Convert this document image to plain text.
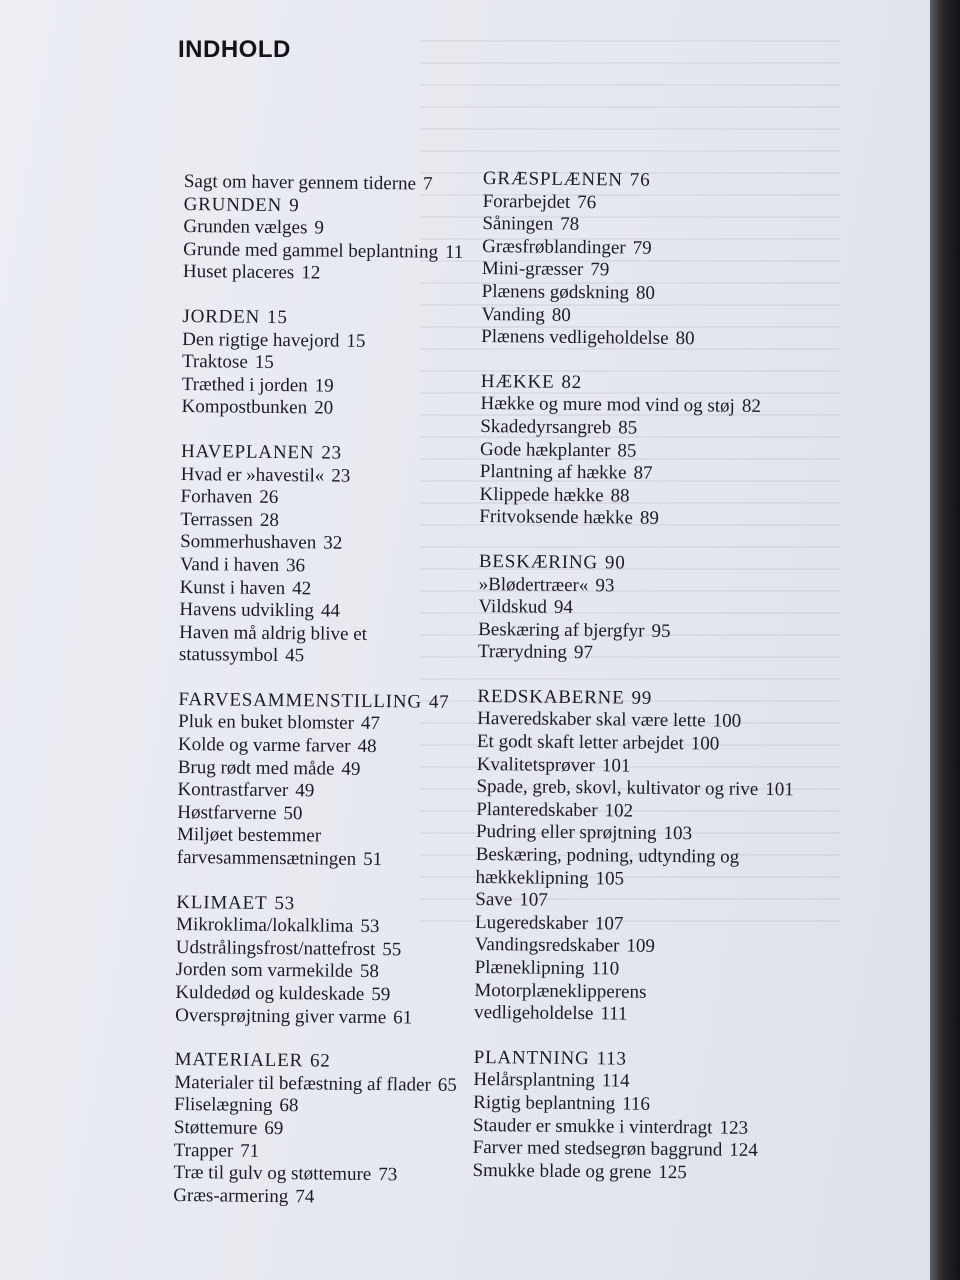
INDHOLD
Sagt om haver gennem tiderne 7
GRUNDEN 9
Grunden vælges 9
Grunde med gammel beplantning 11
Huset placeres 12
JORDEN 15
Den rigtige havejord 15
Traktose 15
Træthed i jorden 19
Kompostbunken 20
HAVEPLANEN 23
Hvad er »havestil« 23
Forhaven 26
Terrassen 28
Sommerhushaven 32
Vand i haven 36
Kunst i haven 42
Havens udvikling 44
Haven må aldrig blive et statussymbol 45
FARVESAMMENSTILLING 47
Pluk en buket blomster 47
Kolde og varme farver 48
Brug rødt med måde 49
Kontrastfarver 49
Høstfarverne 50
Miljøet bestemmer farvesammensætningen 51
KLIMAET 53
Mikroklima/lokalklima 53
Udstrålingsfrost/nattefrost 55
Jorden som varmekilde 58
Kuldedød og kuldeskade 59
Oversprøjtning giver varme 61
MATERIALER 62
Materialer til befæstning af flader 65
Fliselægning 68
Støttemure 69
Trapper 71
Træ til gulv og støttemure 73
Græs-armering 74
GRÆSPLÆNEN 76
Forarbejdet 76
Såningen 78
Græsfrøblandinger 79
Mini-græsser 79
Plænens gødskning 80
Vanding 80
Plænens vedligeholdelse 80
HÆKKE 82
Hække og mure mod vind og støj 82
Skadedyrsangreb 85
Gode hækplanter 85
Plantning af hække 87
Klippede hække 88
Fritvoksende hække 89
BESKÆRING 90
»Blødertræer« 93
Vildskud 94
Beskæring af bjergfyr 95
Trærydning 97
REDSKABERNE 99
Haveredskaber skal være lette 100
Et godt skaft letter arbejdet 100
Kvalitetsprøver 101
Spade, greb, skovl, kultivator og rive 101
Planteredskaber 102
Pudring eller sprøjtning 103
Beskæring, podning, udtynding og hækkeklipning 105
Save 107
Lugeredskaber 107
Vandingsredskaber 109
Plæneklipning 110
Motorplæneklipperens vedligeholdelse 111
PLANTNING 113
Helårsplantning 114
Rigtig beplantning 116
Stauder er smukke i vinterdragt 123
Farver med stedsegrøn baggrund 124
Smukke blade og grene 125
